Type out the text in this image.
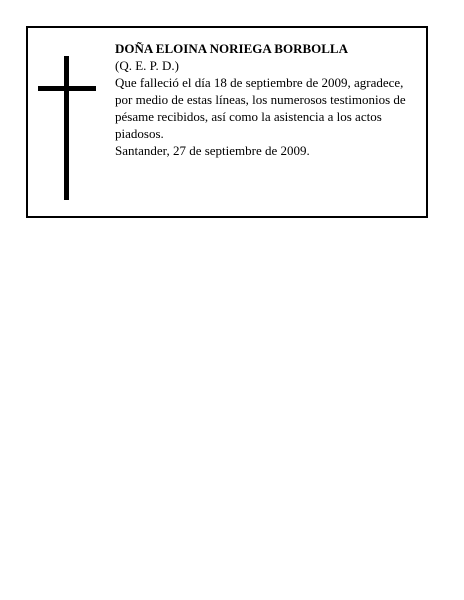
DOÑA ELOINA NORIEGA BORBOLLA
(Q. E. P. D.)
Que falleció el día 18 de septiembre de 2009, agradece, por medio de estas líneas, los numerosos testimonios de pésame recibidos, así como la asistencia a los actos piadosos.
Santander, 27 de septiembre de 2009.
